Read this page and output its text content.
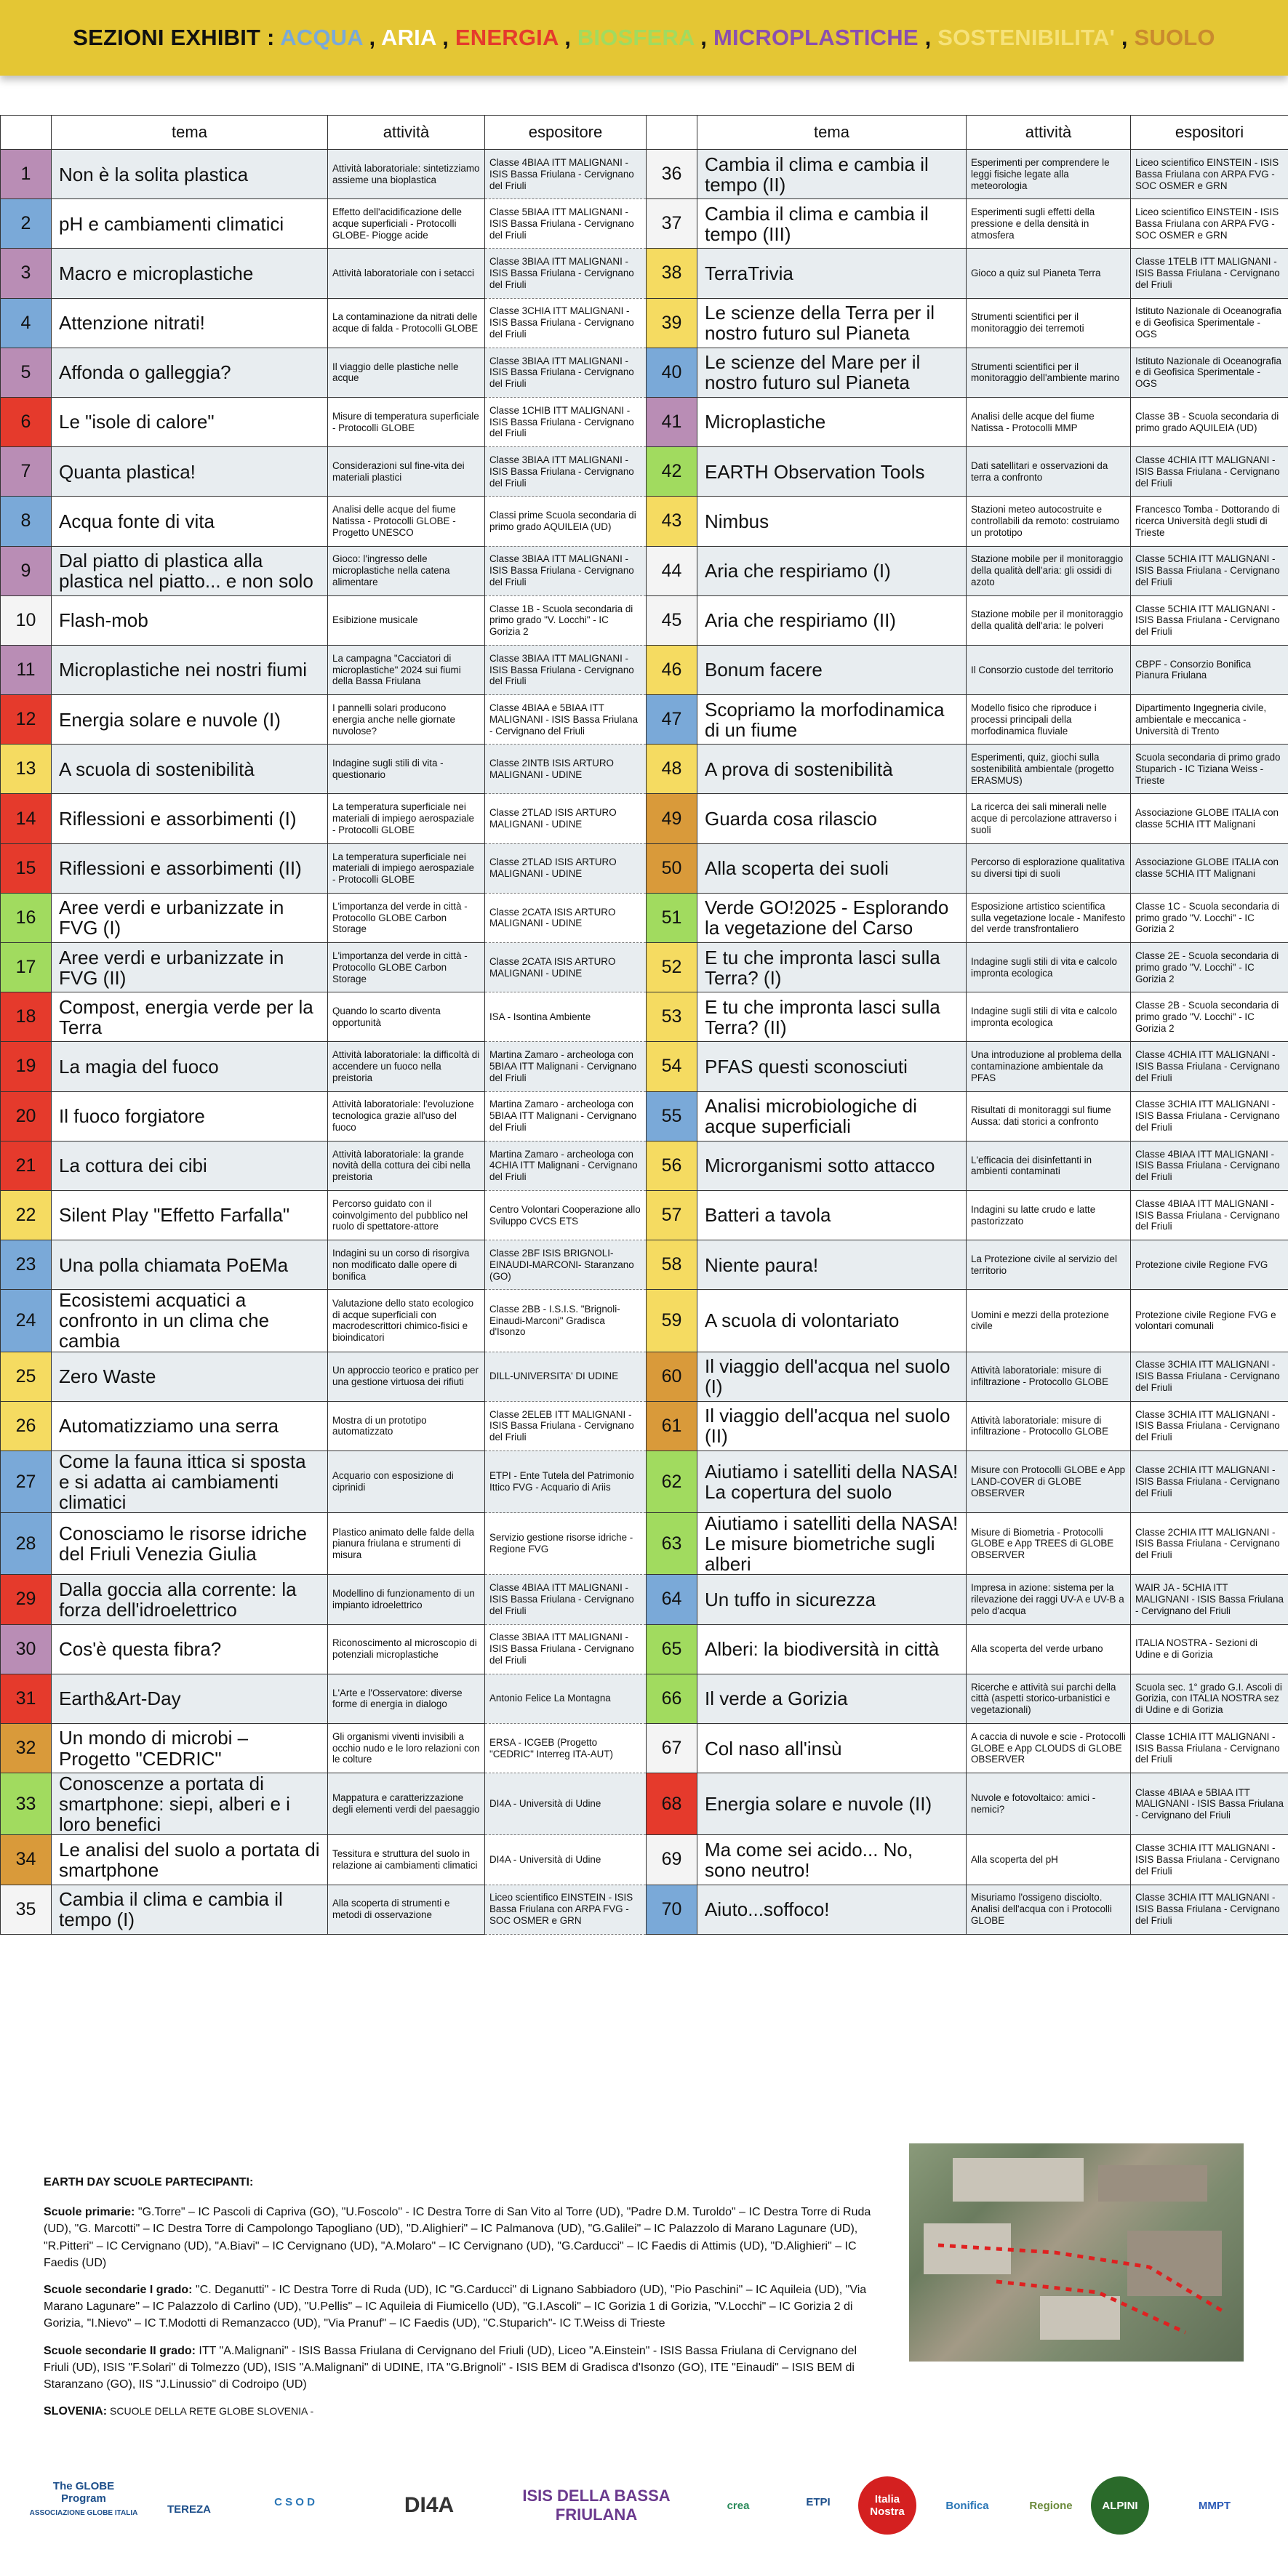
SEZIONI EXHIBIT : ACQUA , ARIA , ENERGIA , BIOSFERA , MICROPLASTICHE , SOSTENIBILITA' , SUOLO
	tema	attività	espositore		tema	attività	espositori
1	Non è la solita plastica	Attività laboratoriale: sintetizziamo assieme una bioplastica	Classe 4BIAA ITT MALIGNANI - ISIS Bassa Friulana - Cervignano del Friuli	36	Cambia il clima e cambia il tempo (II)	Esperimenti per comprendere le leggi fisiche legate alla meteorologia	Liceo scientifico EINSTEIN - ISIS Bassa Friulana con ARPA FVG - SOC OSMER e GRN
2	pH e cambiamenti climatici	Effetto dell'acidificazione delle acque superficiali - Protocolli GLOBE- Piogge acide	Classe 5BIAA ITT MALIGNANI - ISIS Bassa Friulana - Cervignano del Friuli	37	Cambia il clima e cambia il tempo (III)	Esperimenti sugli effetti della pressione e della densità in atmosfera	Liceo scientifico EINSTEIN - ISIS Bassa Friulana con ARPA FVG - SOC OSMER e GRN
3	Macro e microplastiche	Attività laboratoriale con i setacci	Classe 3BIAA ITT MALIGNANI - ISIS Bassa Friulana - Cervignano del Friuli	38	TerraTrivia	Gioco a quiz sul Pianeta Terra	Classe 1TELB ITT MALIGNANI - ISIS Bassa Friulana - Cervignano del Friuli
4	Attenzione nitrati!	La contaminazione da nitrati delle acque di falda - Protocolli GLOBE	Classe 3CHIA ITT MALIGNANI - ISIS Bassa Friulana - Cervignano del Friuli	39	Le scienze della Terra per il nostro futuro sul Pianeta	Strumenti scientifici per il monitoraggio dei terremoti	Istituto Nazionale di Oceanografia e di Geofisica Sperimentale - OGS
5	Affonda o galleggia?	Il viaggio delle plastiche nelle acque	Classe 3BIAA ITT MALIGNANI - ISIS Bassa Friulana - Cervignano del Friuli	40	Le scienze del Mare per il nostro futuro sul Pianeta	Strumenti scientifici per il monitoraggio dell'ambiente marino	Istituto Nazionale di Oceanografia e di Geofisica Sperimentale - OGS
6	Le "isole di calore"	Misure di temperatura superficiale - Protocolli GLOBE	Classe 1CHIB ITT MALIGNANI - ISIS Bassa Friulana - Cervignano del Friuli	41	Microplastiche	Analisi delle acque del fiume Natissa - Protocolli MMP	Classe 3B - Scuola secondaria di primo grado AQUILEIA (UD)
7	Quanta plastica!	Considerazioni sul fine-vita dei materiali plastici	Classe 3BIAA ITT MALIGNANI - ISIS Bassa Friulana - Cervignano del Friuli	42	EARTH Observation Tools	Dati satellitari e osservazioni da terra a confronto	Classe 4CHIA ITT MALIGNANI - ISIS Bassa Friulana - Cervignano del Friuli
8	Acqua fonte di vita	Analisi delle acque del fiume Natissa - Protocolli GLOBE - Progetto UNESCO	Classi prime Scuola secondaria di primo grado AQUILEIA (UD)	43	Nimbus	Stazioni meteo autocostruite e controllabili da remoto: costruiamo un prototipo	Francesco Tomba - Dottorando di ricerca Università degli studi di Trieste
9	Dal piatto di plastica alla plastica nel piatto... e non solo	Gioco: l'ingresso delle microplastiche nella catena alimentare	Classe 3BIAA ITT MALIGNANI - ISIS Bassa Friulana - Cervignano del Friuli	44	Aria che respiriamo (I)	Stazione mobile per il monitoraggio della qualità dell'aria: gli ossidi di azoto	Classe 5CHIA ITT MALIGNANI - ISIS Bassa Friulana - Cervignano del Friuli
10	Flash-mob	Esibizione musicale	Classe 1B - Scuola secondaria di primo grado "V. Locchi" - IC Gorizia 2	45	Aria che respiriamo (II)	Stazione mobile per il monitoraggio della qualità dell'aria: le polveri	Classe 5CHIA ITT MALIGNANI - ISIS Bassa Friulana - Cervignano del Friuli
11	Microplastiche nei nostri fiumi	La campagna "Cacciatori di microplastiche" 2024 sui fiumi della Bassa Friulana	Classe 3BIAA ITT MALIGNANI - ISIS Bassa Friulana - Cervignano del Friuli	46	Bonum facere	Il Consorzio custode del territorio	CBPF - Consorzio Bonifica Pianura Friulana
12	Energia solare e nuvole (I)	I pannelli solari producono energia anche nelle giornate nuvolose?	Classe 4BIAA e 5BIAA ITT MALIGNANI - ISIS Bassa Friulana - Cervignano del Friuli	47	Scopriamo la morfodinamica di un fiume	Modello fisico che riproduce i processi principali della morfodinamica fluviale	Dipartimento Ingegneria civile, ambientale e meccanica - Università di Trento
13	A scuola di sostenibilità	Indagine sugli stili di vita - questionario	Classe 2INTB ISIS ARTURO MALIGNANI - UDINE	48	A prova di sostenibilità	Esperimenti, quiz, giochi sulla sostenibilità ambientale (progetto ERASMUS)	Scuola secondaria di primo grado Stuparich - IC Tiziana Weiss - Trieste
14	Riflessioni e assorbimenti (I)	La temperatura superficiale nei materiali di impiego aerospaziale - Protocolli GLOBE	Classe 2TLAD ISIS ARTURO MALIGNANI - UDINE	49	Guarda cosa rilascio	La ricerca dei sali minerali nelle acque di percolazione attraverso i suoli	Associazione GLOBE ITALIA con classe 5CHIA ITT Malignani
15	Riflessioni e assorbimenti (II)	La temperatura superficiale nei materiali di impiego aerospaziale - Protocolli GLOBE	Classe 2TLAD ISIS ARTURO MALIGNANI - UDINE	50	Alla scoperta dei suoli	Percorso di esplorazione qualitativa su diversi tipi di suoli	Associazione GLOBE ITALIA con classe 5CHIA ITT Malignani
16	Aree verdi e urbanizzate in FVG (I)	L'importanza del verde in città - Protocollo GLOBE Carbon Storage	Classe 2CATA ISIS ARTURO MALIGNANI - UDINE	51	Verde GO!2025 - Esplorando la vegetazione del Carso	Esposizione artistico scientifica sulla vegetazione locale - Manifesto del verde transfrontaliero	Classe 1C - Scuola secondaria di primo grado "V. Locchi" - IC Gorizia 2
17	Aree verdi e urbanizzate in FVG (II)	L'importanza del verde in città - Protocollo GLOBE Carbon Storage	Classe 2CATA ISIS ARTURO MALIGNANI - UDINE	52	E tu che impronta lasci sulla Terra? (I)	Indagine sugli stili di vita e calcolo impronta ecologica	Classe 2E - Scuola secondaria di primo grado "V. Locchi" - IC Gorizia 2
18	Compost, energia verde per la Terra	Quando lo scarto diventa opportunità	ISA - Isontina Ambiente	53	E tu che impronta lasci sulla Terra? (II)	Indagine sugli stili di vita e calcolo impronta ecologica	Classe 2B - Scuola secondaria di primo grado "V. Locchi" - IC Gorizia 2
19	La magia del fuoco	Attività laboratoriale: la difficoltà di accendere un fuoco nella preistoria	Martina Zamaro - archeologa con 5BIAA ITT Malignani - Cervignano del Friuli	54	PFAS questi sconosciuti	Una introduzione al problema della contaminazione ambientale da PFAS	Classe 4CHIA ITT MALIGNANI - ISIS Bassa Friulana - Cervignano del Friuli
20	Il fuoco forgiatore	Attività laboratoriale: l'evoluzione tecnologica grazie all'uso del fuoco	Martina Zamaro - archeologa con 5BIAA ITT Malignani - Cervignano del Friuli	55	Analisi microbiologiche di acque superficiali	Risultati di monitoraggi sul fiume Aussa: dati storici a confronto	Classe 3CHIA ITT MALIGNANI - ISIS Bassa Friulana - Cervignano del Friuli
21	La cottura dei cibi	Attività laboratoriale: la grande novità della cottura dei cibi nella preistoria	Martina Zamaro - archeologa con 4CHIA ITT Malignani - Cervignano del Friuli	56	Microrganismi sotto attacco	L'efficacia dei disinfettanti in ambienti contaminati	Classe 4BIAA ITT MALIGNANI - ISIS Bassa Friulana - Cervignano del Friuli
22	Silent Play "Effetto Farfalla"	Percorso guidato con il coinvolgimento del pubblico nel ruolo di spettatore-attore	Centro Volontari Cooperazione allo Sviluppo CVCS ETS	57	Batteri a tavola	Indagini su latte crudo e latte pastorizzato	Classe 4BIAA ITT MALIGNANI - ISIS Bassa Friulana - Cervignano del Friuli
23	Una polla chiamata PoEMa	Indagini su un corso di risorgiva non modificato dalle opere di bonifica	Classe 2BF ISIS BRIGNOLI-EINAUDI-MARCONI- Staranzano (GO)	58	Niente paura!	La Protezione civile al servizio del territorio	Protezione civile Regione FVG
24	Ecosistemi acquatici a confronto in un clima che cambia	Valutazione dello stato ecologico di acque superficiali con macrodescrittori chimico-fisici e bioindicatori	Classe 2BB - I.S.I.S. "Brignoli-Einaudi-Marconi" Gradisca d'Isonzo	59	A scuola di volontariato	Uomini e mezzi della protezione civile	Protezione civile Regione FVG e volontari comunali
25	Zero Waste	Un approccio teorico e pratico per una gestione virtuosa dei rifiuti	DILL-UNIVERSITA' DI UDINE	60	Il viaggio dell'acqua nel suolo (I)	Attività laboratoriale: misure di infiltrazione - Protocollo GLOBE	Classe 3CHIA ITT MALIGNANI - ISIS Bassa Friulana - Cervignano del Friuli
26	Automatizziamo una serra	Mostra di un prototipo automatizzato	Classe 2ELEB ITT MALIGNANI - ISIS Bassa Friulana - Cervignano del Friuli	61	Il viaggio dell'acqua nel suolo (II)	Attività laboratoriale: misure di infiltrazione - Protocollo GLOBE	Classe 3CHIA ITT MALIGNANI - ISIS Bassa Friulana - Cervignano del Friuli
27	Come la fauna ittica si sposta e si adatta ai cambiamenti climatici	Acquario con esposizione di ciprinidi	ETPI - Ente Tutela del Patrimonio Ittico FVG - Acquario di Ariis	62	Aiutiamo i satelliti della NASA! La copertura del suolo	Misure con Protocolli GLOBE e App LAND-COVER di GLOBE OBSERVER	Classe 2CHIA ITT MALIGNANI - ISIS Bassa Friulana - Cervignano del Friuli
28	Conosciamo le risorse idriche del Friuli Venezia Giulia	Plastico animato delle falde della pianura friulana e strumenti di misura	Servizio gestione risorse idriche - Regione FVG	63	Aiutiamo i satelliti della NASA! Le misure biometriche sugli alberi	Misure di Biometria - Protocolli GLOBE e App TREES di GLOBE OBSERVER	Classe 2CHIA ITT MALIGNANI - ISIS Bassa Friulana - Cervignano del Friuli
29	Dalla goccia alla corrente: la forza dell'idroelettrico	Modellino di funzionamento di un impianto idroelettrico	Classe 4BIAA ITT MALIGNANI - ISIS Bassa Friulana - Cervignano del Friuli	64	Un tuffo in sicurezza	Impresa in azione: sistema per la rilevazione dei raggi UV-A e UV-B a pelo d'acqua	WAIR JA - 5CHIA ITT MALIGNANI - ISIS Bassa Friulana - Cervignano del Friuli
30	Cos'è questa fibra?	Riconoscimento al microscopio di potenziali microplastiche	Classe 3BIAA ITT MALIGNANI - ISIS Bassa Friulana - Cervignano del Friuli	65	Alberi: la biodiversità in città	Alla scoperta del verde urbano	ITALIA NOSTRA - Sezioni di Udine e di Gorizia
31	Earth&Art-Day	L'Arte e l'Osservatore: diverse forme di energia in dialogo	Antonio Felice La Montagna	66	Il verde a Gorizia	Ricerche e attività sui parchi della città (aspetti storico-urbanistici e vegetazionali)	Scuola sec. 1° grado G.I. Ascoli di Gorizia, con ITALIA NOSTRA sez di Udine e di Gorizia
32	Un mondo di microbi – Progetto "CEDRIC"	Gli organismi viventi invisibili a occhio nudo e le loro relazioni con le colture	ERSA - ICGEB (Progetto "CEDRIC" Interreg ITA-AUT)	67	Col naso all'insù	A caccia di nuvole e scie - Protocolli GLOBE e App CLOUDS di GLOBE OBSERVER	Classe 1CHIA ITT MALIGNANI - ISIS Bassa Friulana - Cervignano del Friuli
33	Conoscenze a portata di smartphone: siepi, alberi e i loro benefici	Mappatura e caratterizzazione degli elementi verdi del paesaggio	DI4A - Università di Udine	68	Energia solare e nuvole (II)	Nuvole e fotovoltaico: amici - nemici?	Classe 4BIAA e 5BIAA ITT MALIGNANI - ISIS Bassa Friulana - Cervignano del Friuli
34	Le analisi del suolo a portata di smartphone	Tessitura e struttura del suolo in relazione ai cambiamenti climatici	DI4A - Università di Udine	69	Ma come sei acido... No, sono neutro!	Alla scoperta del pH	Classe 3CHIA ITT MALIGNANI - ISIS Bassa Friulana - Cervignano del Friuli
35	Cambia il clima e cambia il tempo (I)	Alla scoperta di strumenti e metodi di osservazione	Liceo scientifico EINSTEIN - ISIS Bassa Friulana con ARPA FVG - SOC OSMER e GRN	70	Aiuto...soffoco!	Misuriamo l'ossigeno disciolto. Analisi dell'acqua con i Protocolli GLOBE	Classe 3CHIA ITT MALIGNANI - ISIS Bassa Friulana - Cervignano del Friuli
EARTH DAY SCUOLE PARTECIPANTI:

Scuole primarie: "G.Torre" – IC Pascoli di Capriva (GO), "U.Foscolo" - IC Destra Torre di San Vito al Torre (UD), "Padre D.M. Turoldo" – IC Destra Torre di Ruda (UD), "G. Marcotti" – IC Destra Torre di Campolongo Tapogliano (UD), "D.Alighieri" – IC Palmanova (UD), "G.Galilei" – IC Palazzolo di Marano Lagunare (UD), "R.Pitteri" – IC Cervignano (UD), "A.Biavi" – IC Cervignano (UD), "A.Molaro" – IC Cervignano (UD), "G.Carducci" – IC Faedis di Attimis (UD), "D.Alighieri" – IC Faedis (UD)

Scuole secondarie I grado: "C. Deganutti" - IC Destra Torre di Ruda (UD), IC "G.Carducci" di Lignano Sabbiadoro (UD), "Pio Paschini" – IC Aquileia (UD), "Via Marano Lagunare" – IC Palazzolo di Carlino (UD), "U.Pellis" – IC Aquileia di Fiumicello (UD), "G.I.Ascoli" – IC Gorizia 1 di Gorizia, "V.Locchi" – IC Gorizia 2 di Gorizia, "I.Nievo" – IC T.Modotti di Remanzacco (UD), "Via Pranuf" – IC Faedis (UD), "C.Stuparich"- IC T.Weiss di Trieste

Scuole secondarie II grado: ITT "A.Malignani" - ISIS Bassa Friulana di Cervignano del Friuli (UD), Liceo "A.Einstein" - ISIS Bassa Friulana di Cervignano del Friuli (UD), ISIS "F.Solari" di Tolmezzo (UD), ISIS "A.Malignani" di UDINE, ITA "G.Brignoli" - ISIS BEM di Gradisca d'Isonzo (GO), ITE "Einaudi" – ISIS BEM di Staranzano (GO), IIS "J.Linussio" di Codroipo (UD)

SLOVENIA: SCUOLE DELLA RETE GLOBE SLOVENIA -

The GLOBE Program
ASSOCIAZIONE GLOBE ITALIA	TEREZA
C S O D	DI4A	ISIS DELLA BASSA FRIULANA	crea	ETPI	Italia Nostra	Bonifica	Regione	ALPINI	MMPT
